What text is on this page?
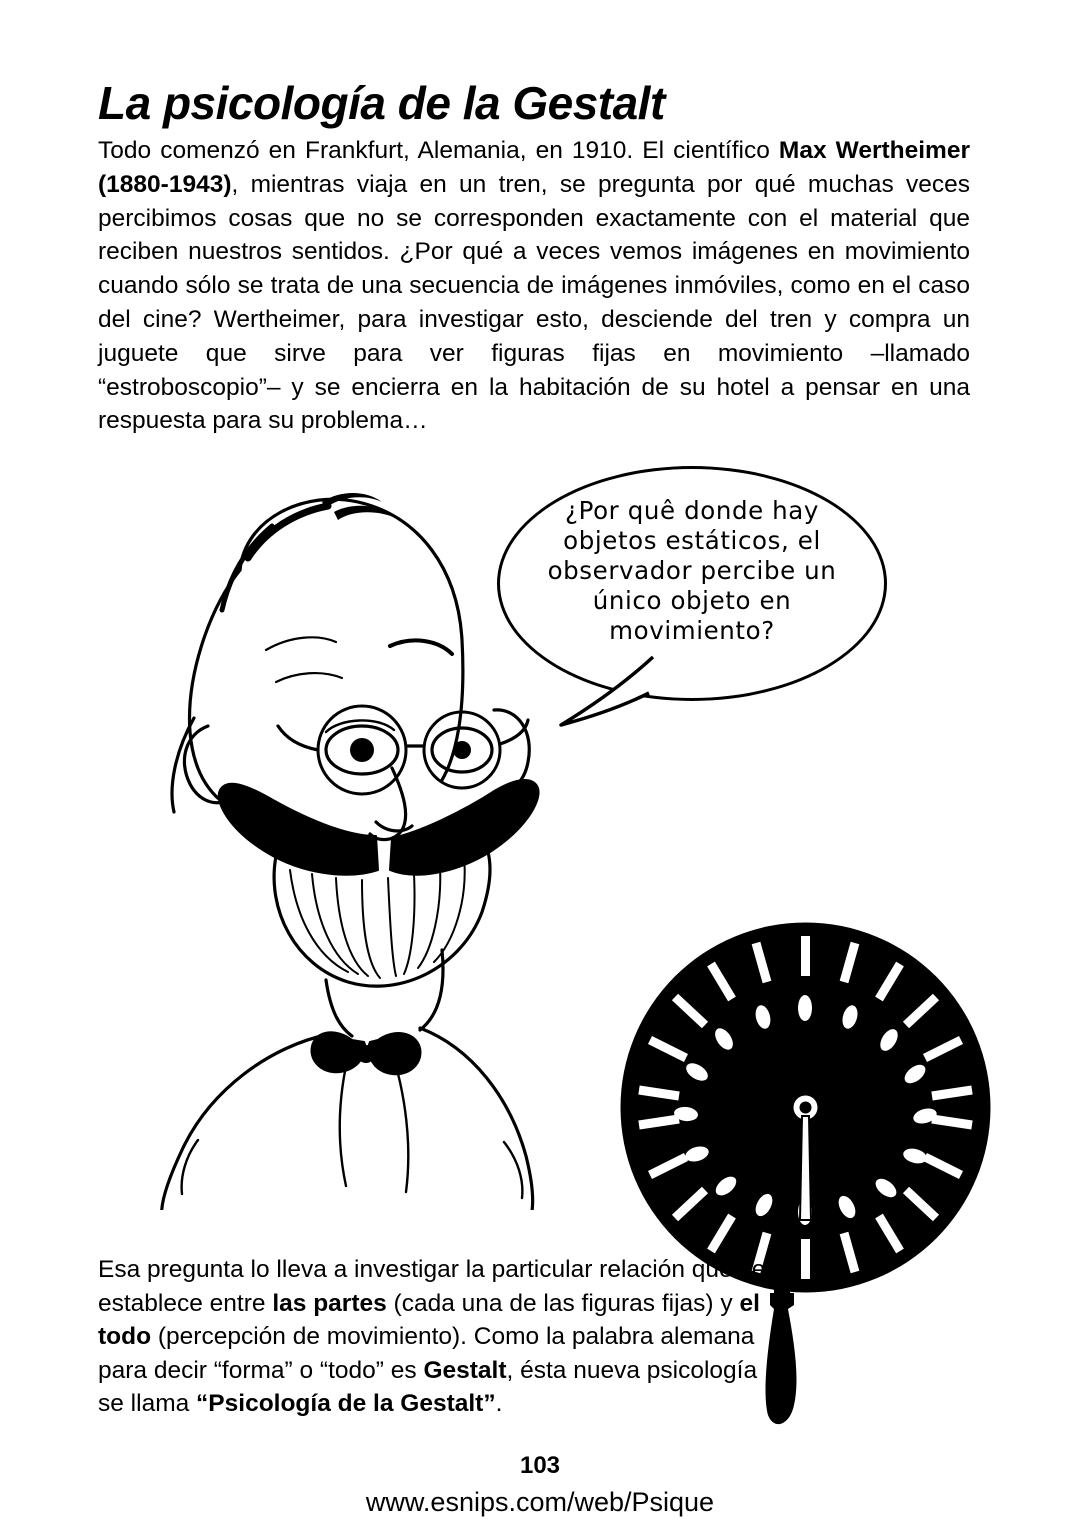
La psicología de la Gestalt
Todo comenzó en Frankfurt, Alemania, en 1910. El científico Max Wertheimer (1880-1943), mientras viaja en un tren, se pregunta por qué muchas veces percibimos cosas que no se corresponden exactamente con el material que reciben nuestros sentidos. ¿Por qué a veces vemos imágenes en movimiento cuando sólo se trata de una secuencia de imágenes inmóviles, como en el caso del cine? Wertheimer, para investigar esto, desciende del tren y compra un juguete que sirve para ver figuras fijas en movimiento –llamado “estroboscopio”– y se encierra en la habitación de su hotel a pensar en una respuesta para su problema…
¿Por quê donde hay objetos estáticos, el observador percibe un único objeto en movimiento?
Esa pregunta lo lleva a investigar la particular relación que se establece entre las partes (cada una de las figuras fijas) y el todo (percepción de movimiento). Como la palabra alemana para decir “forma” o “todo” es Gestalt, ésta nueva psicología se llama “Psicología de la Gestalt”.
103
www.esnips.com/web/Psique
